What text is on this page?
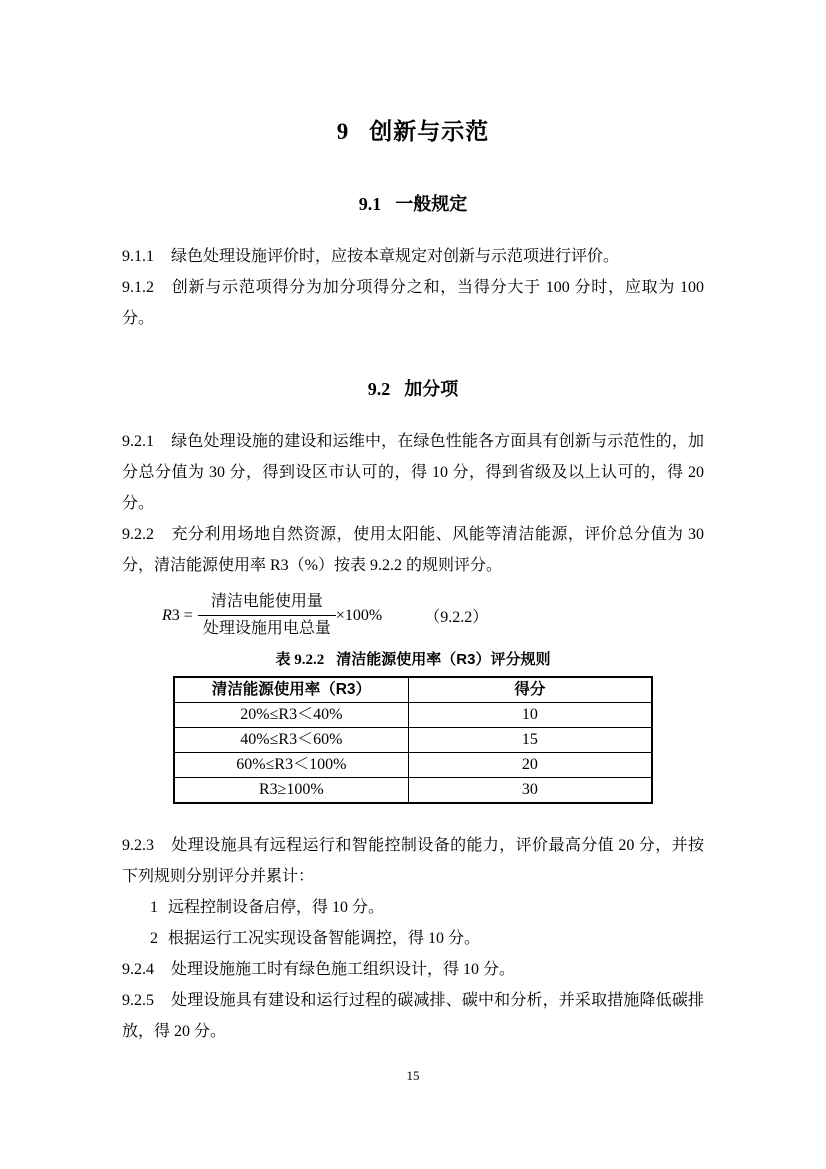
9 创新与示范
9.1 一般规定

9.1.1 绿色处理设施评价时，应按本章规定对创新与示范项进行评价。

9.1.2 创新与示范项得分为加分项得分之和，当得分大于 100 分时，应取为 100 分。

9.2 加分项

9.2.1 绿色处理设施的建设和运维中，在绿色性能各方面具有创新与示范性的，加分总分值为 30 分，得到设区市认可的，得 10 分，得到省级及以上认可的，得 20 分。

9.2.2 充分利用场地自然资源，使用太阳能、风能等清洁能源，评价总分值为 30 分，清洁能源使用率 R3（%）按表 9.2.2 的规则评分。

$R3 = \frac{\text{清洁电能使用量}}{\text{处理设施用电总量}} \times 100\%$	（9.2.2）
表 9.2.2 清洁能源使用率（R3）评分规则
清洁能源使用率（R3）	得分
20%≤R3＜40%	10
40%≤R3＜60%	15
60%≤R3＜100%	20
R3≥100%	30

9.2.3 处理设施具有远程运行和智能控制设备的能力，评价最高分值 20 分，并按下列规则分别评分并累计：

1 远程控制设备启停，得 10 分。

2 根据运行工况实现设备智能调控，得 10 分。

9.2.4 处理设施施工时有绿色施工组织设计，得 10 分。

9.2.5 处理设施具有建设和运行过程的碳减排、碳中和分析，并采取措施降低碳排放，得 20 分。

15
